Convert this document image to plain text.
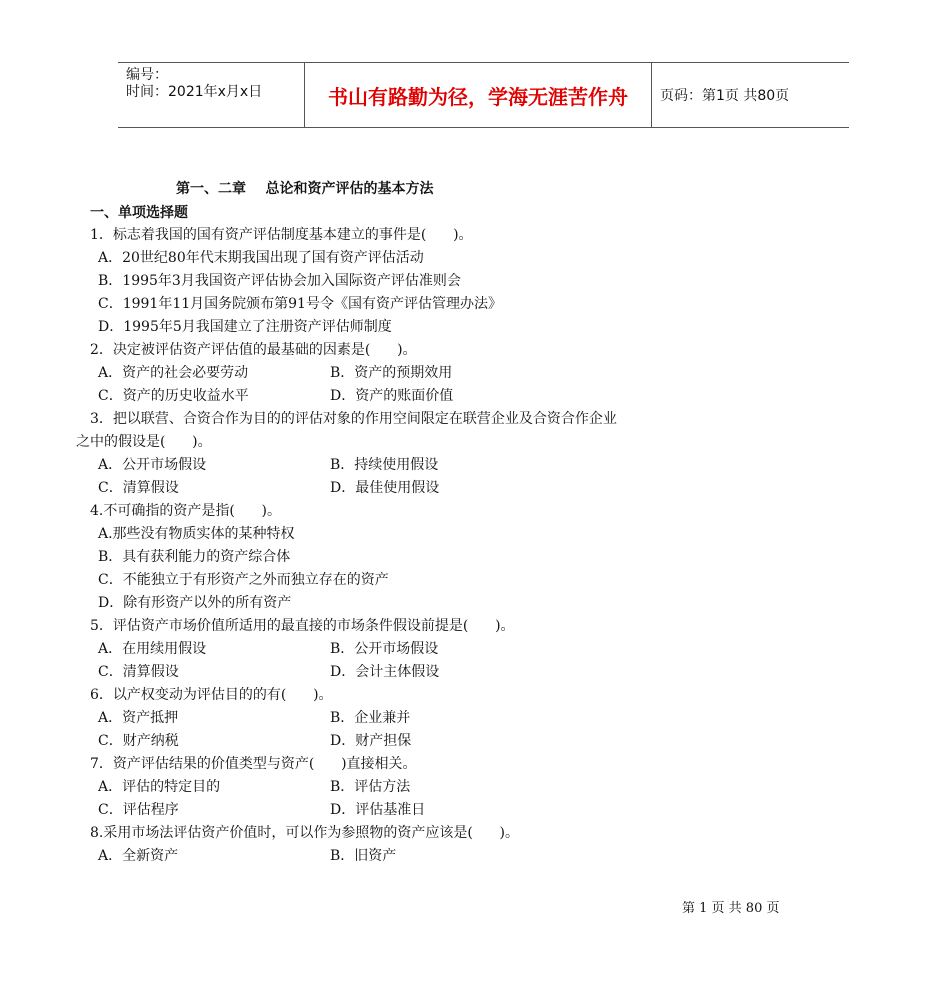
编号：
时间：2021年x月x日	书山有路勤为径，学海无涯苦作舟	页码：第1页 共80页
第一、二章    总论和资产评估的基本方法
一、单项选择题
1．标志着我国的国有资产评估制度基本建立的事件是(      )。
A．20世纪80年代末期我国出现了国有资产评估活动
B．1995年3月我国资产评估协会加入国际资产评估准则会
C．1991年11月国务院颁布第91号令《国有资产评估管理办法》
D．1995年5月我国建立了注册资产评估师制度
2．决定被评估资产评估值的最基础的因素是(      )。
A．资产的社会必要劳动	B．资产的预期效用
C．资产的历史收益水平	D．资产的账面价值
3．把以联营、合资合作为目的的评估对象的作用空间限定在联营企业及合资合作企业
之中的假设是(      )。
A．公开市场假设	B．持续使用假设
C．清算假设	D．最佳使用假设
4.不可确指的资产是指(      )。
A.那些没有物质实体的某种特权
B．具有获利能力的资产综合体
C．不能独立于有形资产之外而独立存在的资产
D．除有形资产以外的所有资产
5．评估资产市场价值所适用的最直接的市场条件假设前提是(      )。
A．在用续用假设	B．公开市场假设
C．清算假设	D．会计主体假设
6．以产权变动为评估目的的有(      )。
A．资产抵押	B．企业兼并
C．财产纳税	D．财产担保
7．资产评估结果的价值类型与资产(      )直接相关。
A．评估的特定目的	B．评估方法
C．评估程序	D．评估基准日
8.采用市场法评估资产价值时，可以作为参照物的资产应该是(      )。
A．全新资产	B．旧资产
第 1 页 共 80 页
